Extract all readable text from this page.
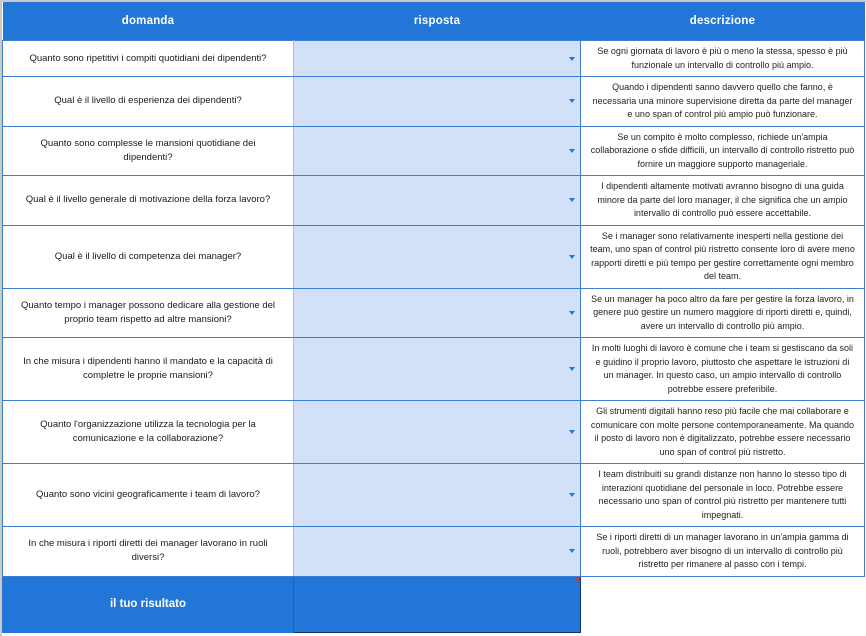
domanda	risposta	descrizione
Quanto sono ripetitivi i compiti quotidiani dei dipendenti?		Se ogni giornata di lavoro è più o meno la stessa, spesso è più funzionale un intervallo di controllo più ampio.
Qual è il livello di esperienza dei dipendenti?		Quando i dipendenti sanno davvero quello che fanno, è necessaria una minore supervisione diretta da parte del manager e uno span of control più ampio può funzionare.
Quanto sono complesse le mansioni quotidiane dei dipendenti?		Se un compito è molto complesso, richiede un'ampia collaborazione o sfide difficili, un intervallo di controllo ristretto può fornire un maggiore supporto manageriale.
Qual è il livello generale di motivazione della forza lavoro?		I dipendenti altamente motivati avranno bisogno di una guida minore da parte del loro manager, il che significa che un ampio intervallo di controllo può essere accettabile.
Qual è il livello di competenza dei manager?		Se i manager sono relativamente inesperti nella gestione dei team, uno span of control più ristretto consente loro di avere meno rapporti diretti e più tempo per gestire correttamente ogni membro del team.
Quanto tempo i manager possono dedicare alla gestione del proprio team rispetto ad altre mansioni?		Se un manager ha poco altro da fare per gestire la forza lavoro, in genere può gestire un numero maggiore di riporti diretti e, quindi, avere un intervallo di controllo più ampio.
In che misura i dipendenti hanno il mandato e la capacità di completre le proprie mansioni?		In molti luoghi di lavoro è comune che i team si gestiscano da soli e guidino il proprio lavoro, piuttosto che aspettare le istruzioni di un manager. In questo caso, un ampio intervallo di controllo potrebbe essere preferibile.
Quanto l'organizzazione utilizza la tecnologia per la comunicazione e la collaborazione?		Gli strumenti digitali hanno reso più facile che mai collaborare e comunicare con molte persone contemporaneamente. Ma quando il posto di lavoro non è digitalizzato, potrebbe essere necessario uno span of control più ristretto.
Quanto sono vicini geograficamente i team di lavoro?		I team distribuiti su grandi distanze non hanno lo stesso tipo di interazioni quotidiane del personale in loco. Potrebbe essere necessario uno span of control più ristretto per mantenere tutti impegnati.
In che misura i riporti diretti dei manager lavorano in ruoli diversi?		Se i riporti diretti di un manager lavorano in un'ampia gamma di ruoli, potrebbero aver bisogno di un intervallo di controllo più ristretto per rimanere al passo con i tempi.
il tuo risultato	
